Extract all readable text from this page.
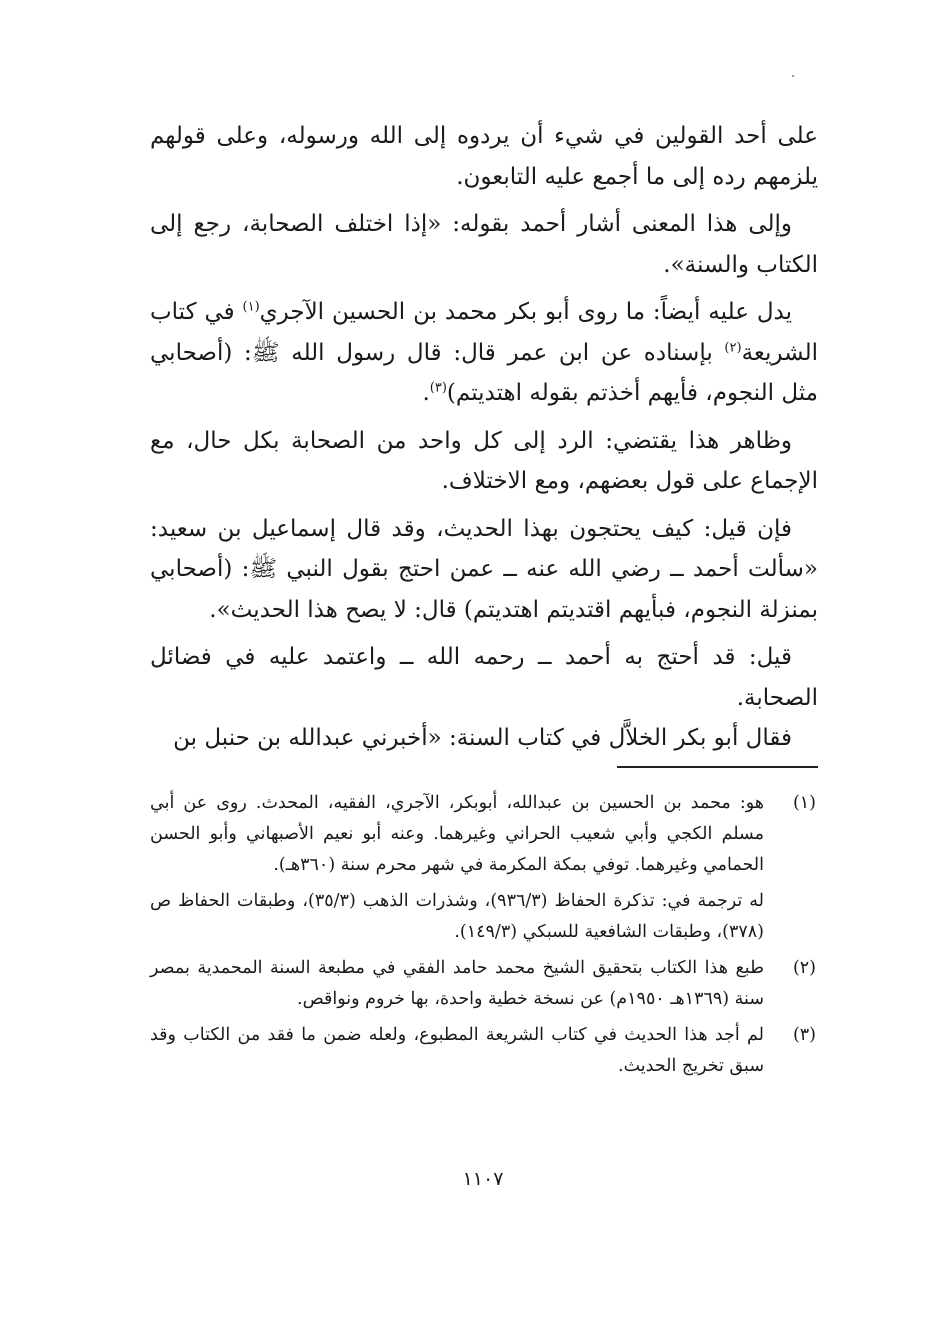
على أحد القولين في شيء أن يردوه إلى الله ورسوله، وعلى قولهم يلزمهم رده إلى ما أجمع عليه التابعون.

وإلى هذا المعنى أشار أحمد بقوله: «إذا اختلف الصحابة، رجع إلى الكتاب والسنة».

يدل عليه أيضاً: ما روى أبو بكر محمد بن الحسين الآجري$^{(١)}$ في كتاب الشريعة$^{(٢)}$ بإسناده عن ابن عمر قال: قال رسول الله ﷺ: (أصحابي مثل النجوم، فأيهم أخذتم بقوله اهتديتم)$^{(٣)}$.

وظاهر هذا يقتضي: الرد إلى كل واحد من الصحابة بكل حال، مع الإجماع على قول بعضهم، ومع الاختلاف.

فإن قيل: كيف يحتجون بهذا الحديث، وقد قال إسماعيل بن سعيد: «سألت أحمد ــ رضي الله عنه ــ عمن احتج بقول النبي ﷺ: (أصحابي بمنزلة النجوم، فبأيهم اقتديتم اهتديتم) قال: لا يصح هذا الحديث».

قيل: قد أحتج به أحمد ــ رحمه الله ــ واعتمد عليه في فضائل الصحابة.

فقال أبو بكر الخلاَّل في كتاب السنة: «أخبرني عبدالله بن حنبل بن

(١)

هو: محمد بن الحسين بن عبدالله، أبوبكر، الآجري، الفقيه، المحدث. روى عن أبي مسلم الكجي وأبي شعيب الحراني وغيرهما. وعنه أبو نعيم الأصبهاني وأبو الحسن الحمامي وغيرهما. توفي بمكة المكرمة في شهر محرم سنة (٣٦٠هـ).

له ترجمة في: تذكرة الحفاظ (٩٣٦/٣)، وشذرات الذهب (٣٥/٣)، وطبقات الحفاظ ص (٣٧٨)، وطبقات الشافعية للسبكي (١٤٩/٣).

(٢)

طبع هذا الكتاب بتحقيق الشيخ محمد حامد الفقي في مطبعة السنة المحمدية بمصر سنة (١٣٦٩هـ ١٩٥٠م) عن نسخة خطية واحدة، بها خروم ونواقص.

(٣)

لم أجد هذا الحديث في كتاب الشريعة المطبوع، ولعله ضمن ما فقد من الكتاب وقد سبق تخريج الحديث.

١١٠٧
